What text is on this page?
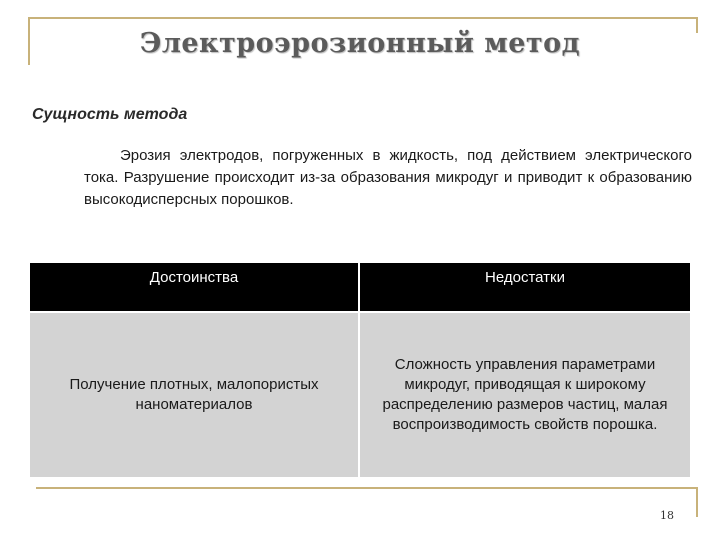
Электроэрозионный метод
Сущность метода
Эрозия электродов, погруженных в жидкость, под действием электрического тока. Разрушение происходит из-за образования микродуг и приводит к образованию высокодисперсных порошков.
Достоинства	Недостатки
Получение плотных, малопористых наноматериалов
Сложность управления параметрами микродуг, приводящая к широкому распределению размеров частиц, малая воспроизводимость свойств порошка.
18
